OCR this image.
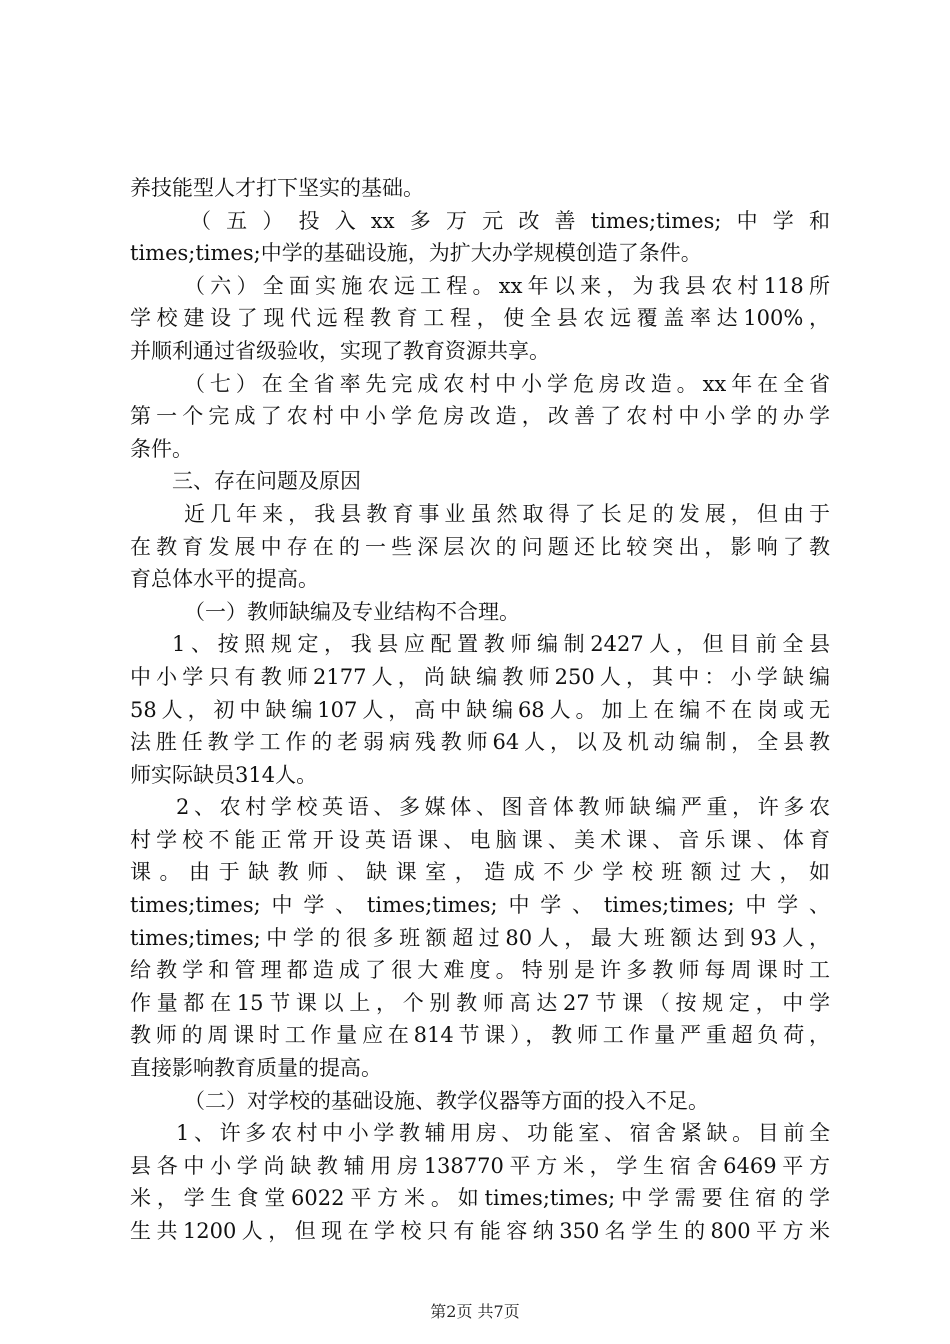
养技能型人才打下坚实的基础。
（五）投入xx多万元改善times;times;中学和
times;times;中学的基础设施，为扩大办学规模创造了条件。
（六）全面实施农远工程。xx年以来，为我县农村118所
学校建设了现代远程教育工程，使全县农远覆盖率达100%，
并顺利通过省级验收，实现了教育资源共享。
（七）在全省率先完成农村中小学危房改造。xx年在全省
第一个完成了农村中小学危房改造，改善了农村中小学的办学
条件。
三、存在问题及原因
近几年来，我县教育事业虽然取得了长足的发展，但由于
在教育发展中存在的一些深层次的问题还比较突出，影响了教
育总体水平的提高。
（一）教师缺编及专业结构不合理。
1、按照规定，我县应配置教师编制2427人，但目前全县
中小学只有教师2177人，尚缺编教师250人，其中：小学缺编
58人，初中缺编107人，高中缺编68人。加上在编不在岗或无
法胜任教学工作的老弱病残教师64人，以及机动编制，全县教
师实际缺员314人。
2、农村学校英语、多媒体、图音体教师缺编严重，许多农
村学校不能正常开设英语课、电脑课、美术课、音乐课、体育
课。由于缺教师、缺课室，造成不少学校班额过大，如
times;times;中学、times;times;中学、times;times;中学、
times;times;中学的很多班额超过80人，最大班额达到93人，
给教学和管理都造成了很大难度。特别是许多教师每周课时工
作量都在15节课以上，个别教师高达27节课（按规定，中学
教师的周课时工作量应在814节课），教师工作量严重超负荷，
直接影响教育质量的提高。
（二）对学校的基础设施、教学仪器等方面的投入不足。
1、许多农村中小学教辅用房、功能室、宿舍紧缺。目前全
县各中小学尚缺教辅用房138770平方米，学生宿舍6469平方
米，学生食堂6022平方米。如times;times;中学需要住宿的学
生共1200人，但现在学校只有能容纳350名学生的800平方米
第2页 共7页
